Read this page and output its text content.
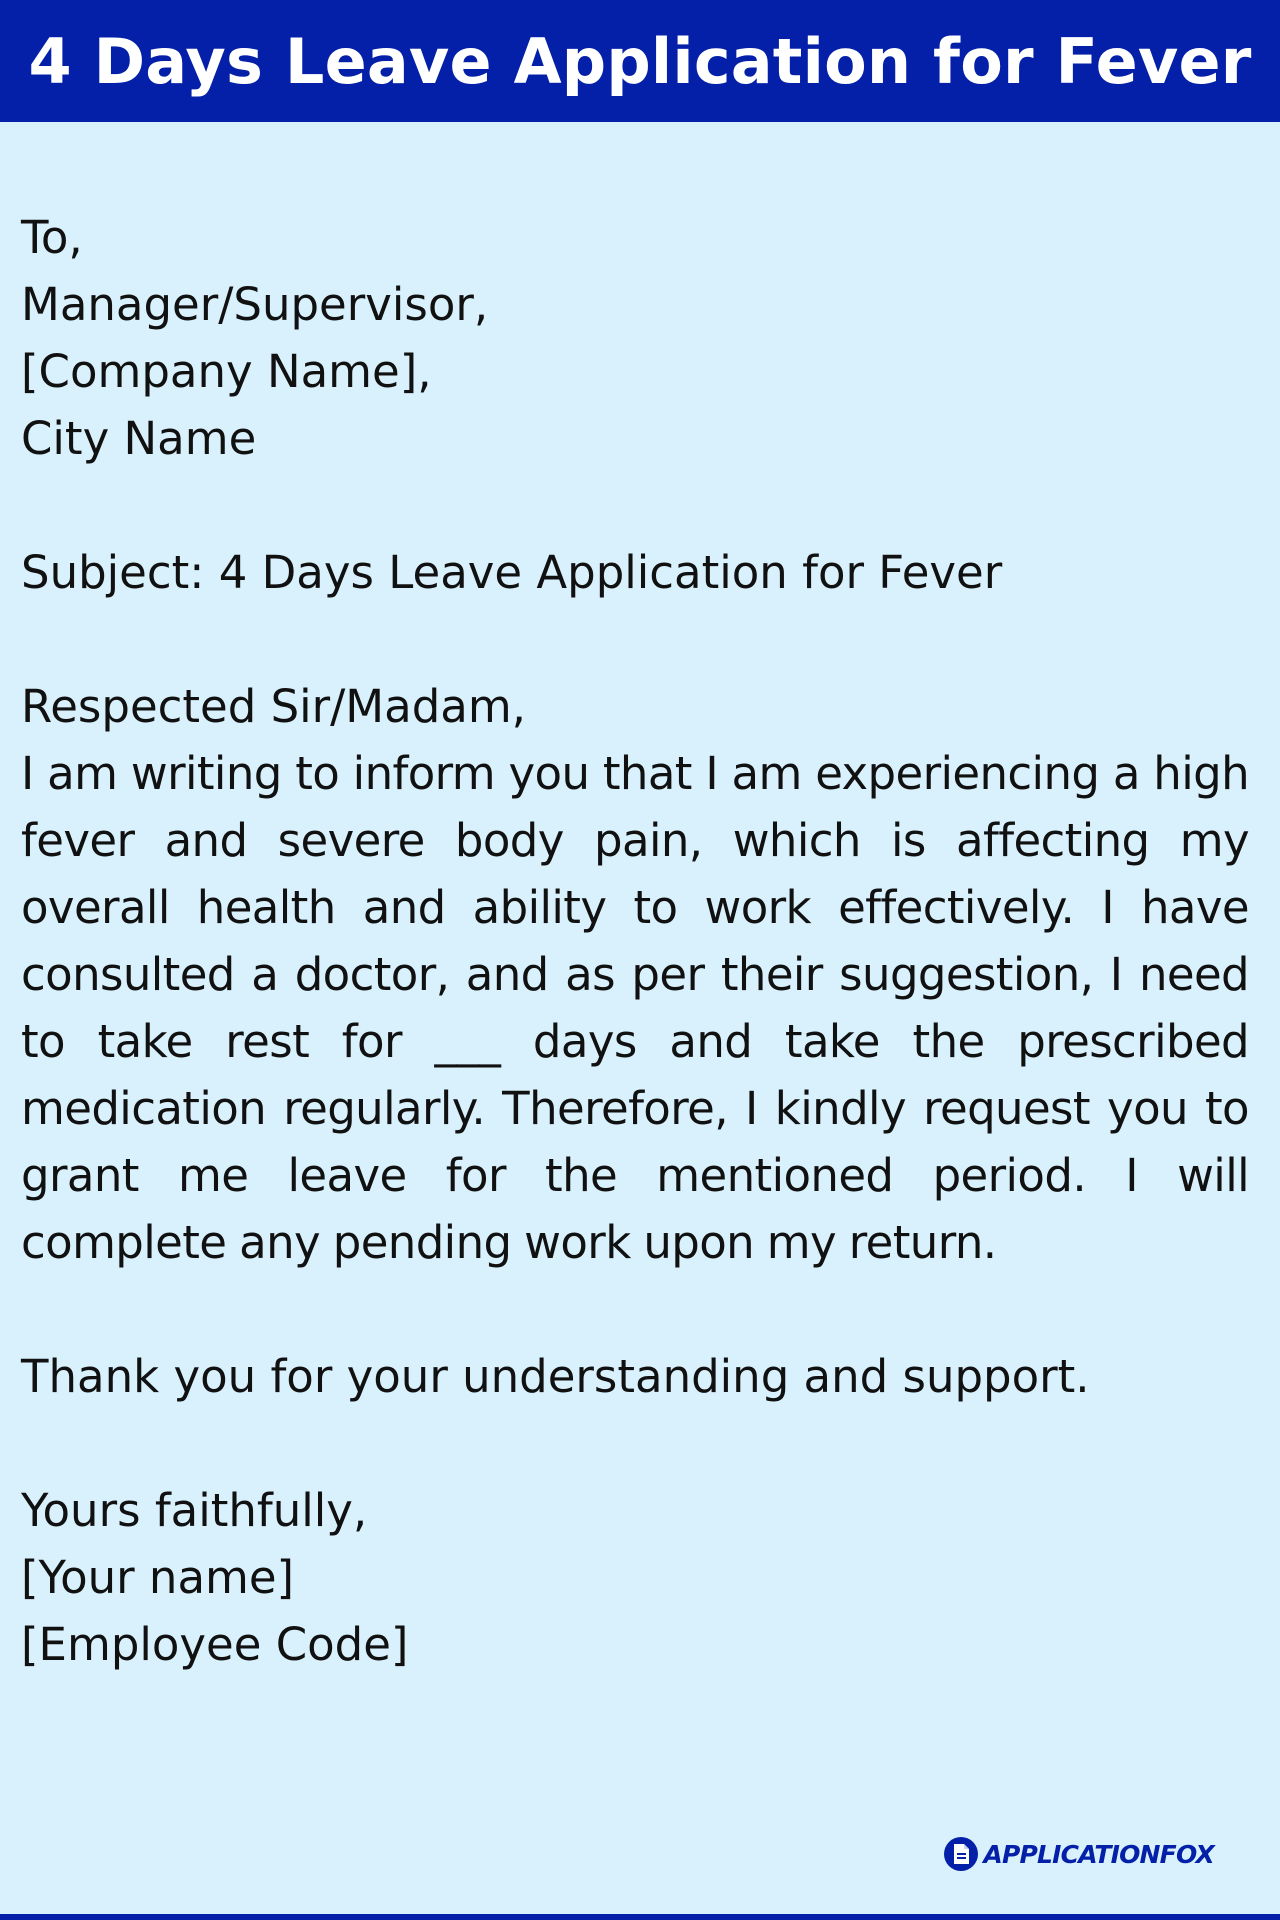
4 Days Leave Application for Fever
To,
Manager/Supervisor,
[Company Name],
City Name
Subject: 4 Days Leave Application for Fever
Respected Sir/Madam,
I am writing to inform you that I am experiencing a high fever and severe body pain, which is affecting my overall health and ability to work effectively. I have consulted a doctor, and as per their suggestion, I need to take rest for ___ days and take the prescribed medication regularly. Therefore, I kindly request you to grant me leave for the mentioned period. I will complete any pending work upon my return.
Thank you for your understanding and support.
Yours faithfully,
[Your name]
[Employee Code]
APPLICATIONFOX
